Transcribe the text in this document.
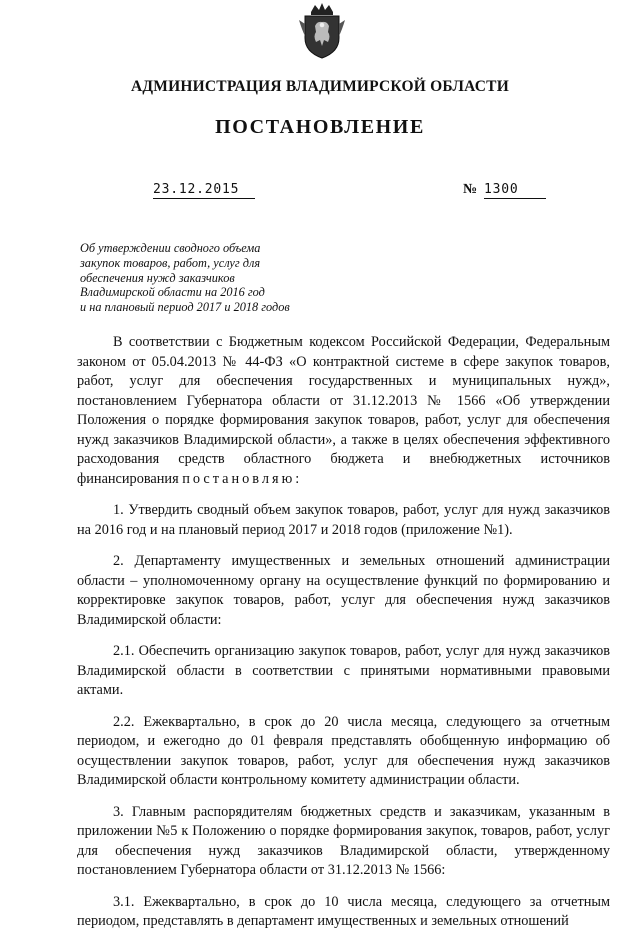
АДМИНИСТРАЦИЯ ВЛАДИМИРСКОЙ ОБЛАСТИ
ПОСТАНОВЛЕНИЕ
23.12.2015	№ 1300
Об утверждении сводного объема
закупок товаров, работ, услуг для
обеспечения нужд заказчиков
Владимирской области на 2016 год
и на плановый период 2017 и 2018 годов

В соответствии с Бюджетным кодексом Российской Федерации, Федеральным законом от 05.04.2013 № 44-ФЗ «О контрактной системе в сфере закупок товаров, работ, услуг для обеспечения государственных и муниципальных нужд», постановлением Губернатора области от 31.12.2013 № 1566 «Об утверждении Положения о порядке формирования закупок товаров, работ, услуг для обеспечения нужд заказчиков Владимирской области», а также в целях обеспечения эффективного расходования средств областного бюджета и внебюджетных источников финансирования постановляю:

1. Утвердить сводный объем закупок товаров, работ, услуг для нужд заказчиков на 2016 год и на плановый период 2017 и 2018 годов (приложение №1).

2. Департаменту имущественных и земельных отношений администрации области – уполномоченному органу на осуществление функций по формированию и корректировке закупок товаров, работ, услуг для обеспечения нужд заказчиков Владимирской области:

2.1. Обеспечить организацию закупок товаров, работ, услуг для нужд заказчиков Владимирской области в соответствии с принятыми нормативными правовыми актами.

2.2. Ежеквартально, в срок до 20 числа месяца, следующего за отчетным периодом, и ежегодно до 01 февраля представлять обобщенную информацию об осуществлении закупок товаров, работ, услуг для обеспечения нужд заказчиков Владимирской области контрольному комитету администрации области.

3. Главным распорядителям бюджетных средств и заказчикам, указанным в приложении №5 к Положению о порядке формирования закупок, товаров, работ, услуг для обеспечения нужд заказчиков Владимирской области, утвержденному постановлением Губернатора области от 31.12.2013 № 1566:

3.1. Ежеквартально, в срок до 10 числа месяца, следующего за отчетным периодом, представлять в департамент имущественных и земельных отношений
